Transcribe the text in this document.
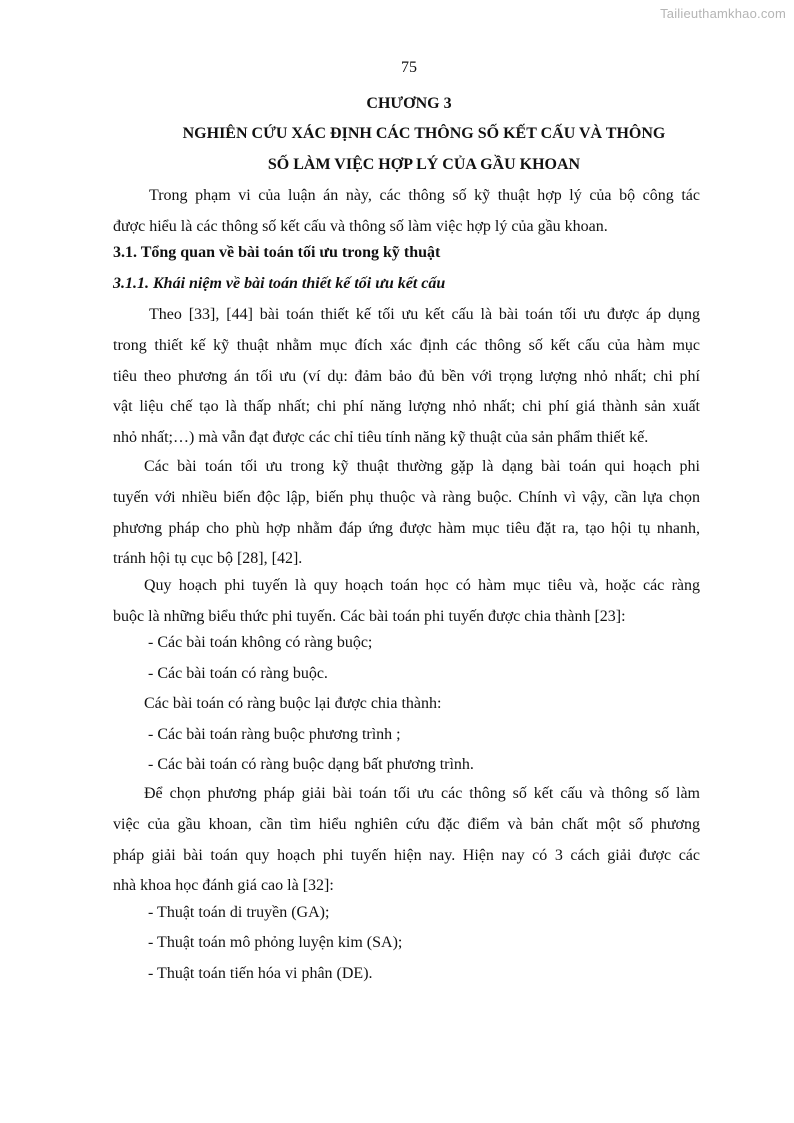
Tailieuthamkhao.com
75
CHƯƠNG 3
NGHIÊN CỨU XÁC ĐỊNH CÁC THÔNG SỐ KẾT CẤU VÀ THÔNG
SỐ LÀM VIỆC HỢP LÝ CỦA GẦU KHOAN
Trong phạm vi của luận án này, các thông số kỹ thuật hợp lý của bộ công tác
được hiểu là các thông số kết cấu và thông số làm việc hợp lý của gầu khoan.
3.1. Tổng quan về bài toán tối ưu trong kỹ thuật
3.1.1. Khái niệm về bài toán thiết kế tối ưu kết cấu
Theo [33], [44] bài toán thiết kế tối ưu kết cấu là bài toán tối ưu được áp dụng
trong thiết kế kỹ thuật nhằm mục đích xác định các thông số kết cấu của hàm mục
tiêu theo phương án tối ưu (ví dụ: đảm bảo đủ bền với trọng lượng nhỏ nhất; chi phí
vật liệu chế tạo là thấp nhất; chi phí năng lượng nhỏ nhất; chi phí giá thành sản xuất
nhỏ nhất;…) mà vẫn đạt được các chỉ tiêu tính năng kỹ thuật của sản phẩm thiết kế.
Các bài toán tối ưu trong kỹ thuật thường gặp là dạng bài toán qui hoạch phi
tuyến với nhiều biến độc lập, biến phụ thuộc và ràng buộc. Chính vì vậy, cần lựa chọn
phương pháp cho phù hợp nhằm đáp ứng được hàm mục tiêu đặt ra, tạo hội tụ nhanh,
tránh hội tụ cục bộ [28], [42].
Quy hoạch phi tuyến là quy hoạch toán học có hàm mục tiêu và, hoặc các ràng
buộc là những biểu thức phi tuyến. Các bài toán phi tuyến được chia thành [23]:
- Các bài toán không có ràng buộc;
- Các bài toán có ràng buộc.
Các bài toán có ràng buộc lại được chia thành:
- Các bài toán ràng buộc phương trình ;
- Các bài toán có ràng buộc dạng bất phương trình.
Để chọn phương pháp giải bài toán tối ưu các thông số kết cấu và thông số làm
việc của gầu khoan, cần tìm hiểu nghiên cứu đặc điểm và bản chất một số phương
pháp giải bài toán quy hoạch phi tuyến hiện nay. Hiện nay có 3 cách giải được các
nhà khoa học đánh giá cao là [32]:
- Thuật toán di truyền (GA);
- Thuật toán mô phỏng luyện kim (SA);
- Thuật toán tiến hóa vi phân (DE).
